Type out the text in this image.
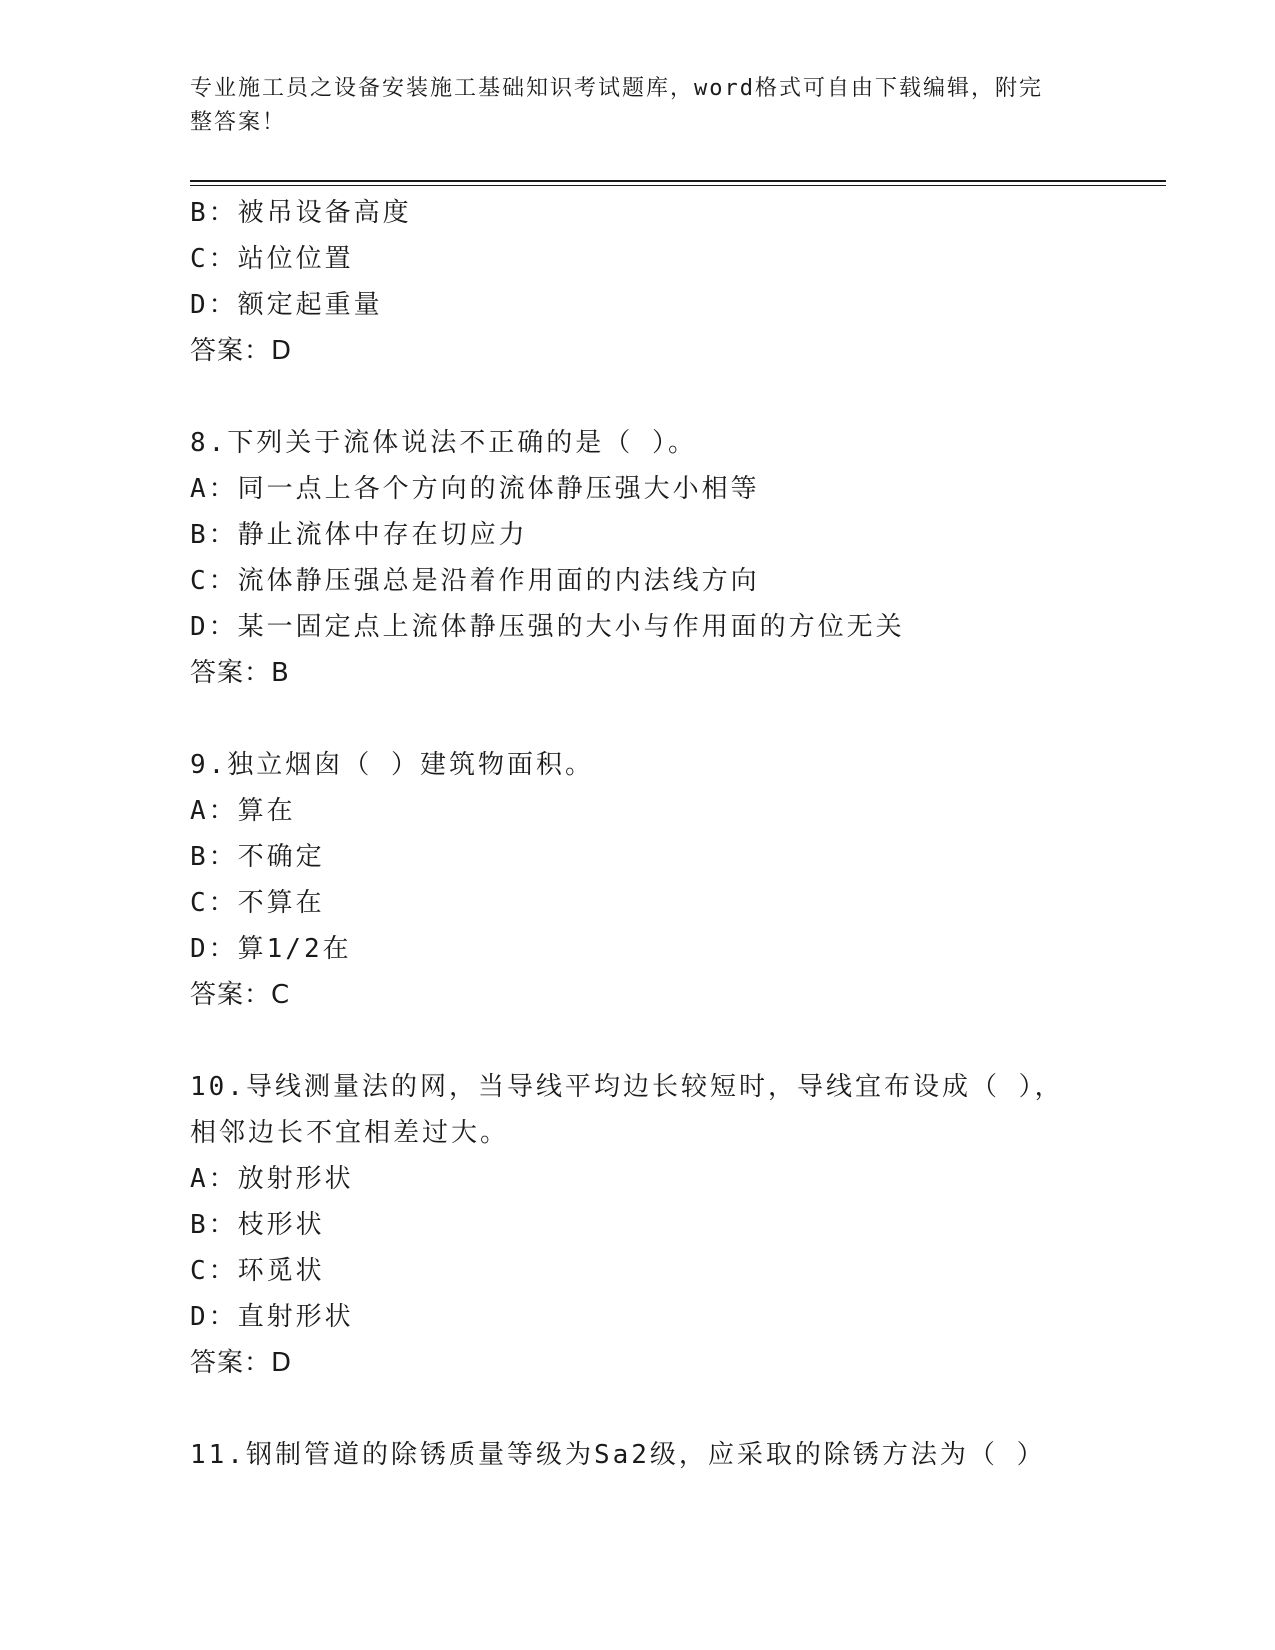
专业施工员之设备安装施工基础知识考试题库，word格式可自由下载编辑，附完
整答案！
B：被吊设备高度
C：站位位置
D：额定起重量
答案：D
8.下列关于流体说法不正确的是（ ）。
A：同一点上各个方向的流体静压强大小相等
B：静止流体中存在切应力
C：流体静压强总是沿着作用面的内法线方向
D：某一固定点上流体静压强的大小与作用面的方位无关
答案：B
9.独立烟囱（ ）建筑物面积。
A：算在
B：不确定
C：不算在
D：算1/2在
答案：C
10.导线测量法的网，当导线平均边长较短时，导线宜布设成（ ），
相邻边长不宜相差过大。
A：放射形状
B：枝形状
C：环觅状
D：直射形状
答案：D
11.钢制管道的除锈质量等级为Sa2级，应采取的除锈方法为（ ）
